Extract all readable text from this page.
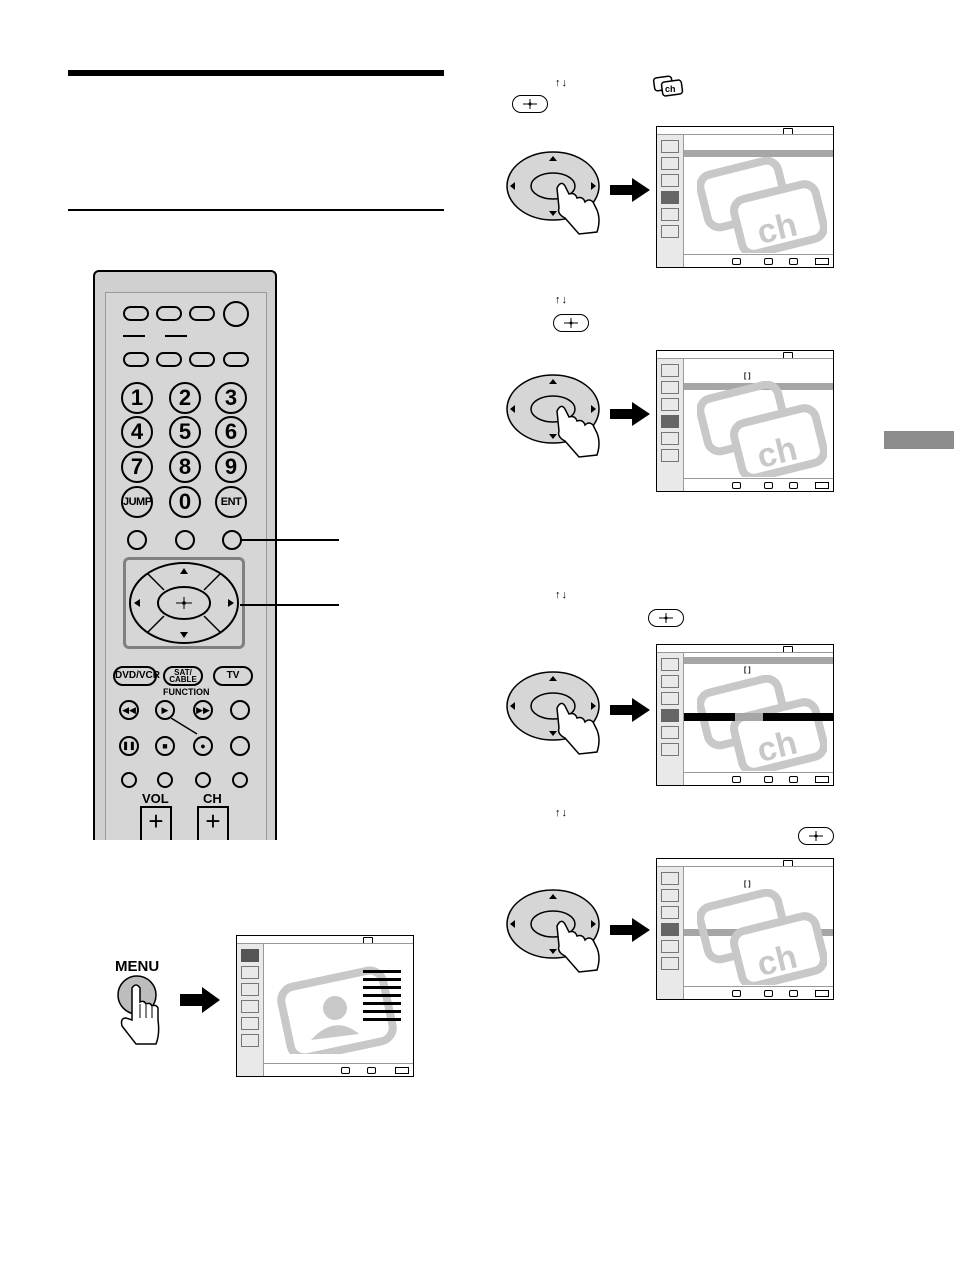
1	2	3
4	5	6
7	8	9
JUMP	0	ENT
DVD/VCR	SAT/
CABLE	TV
FUNCTION
◀◀	▶	▶▶
❚❚	■	●
VOL	CH
+	+
MENU
↑↓	ch
↑↓
↑↓
↑↓
ch
[ ]
ch
[ ]
ch
[ ]
ch
